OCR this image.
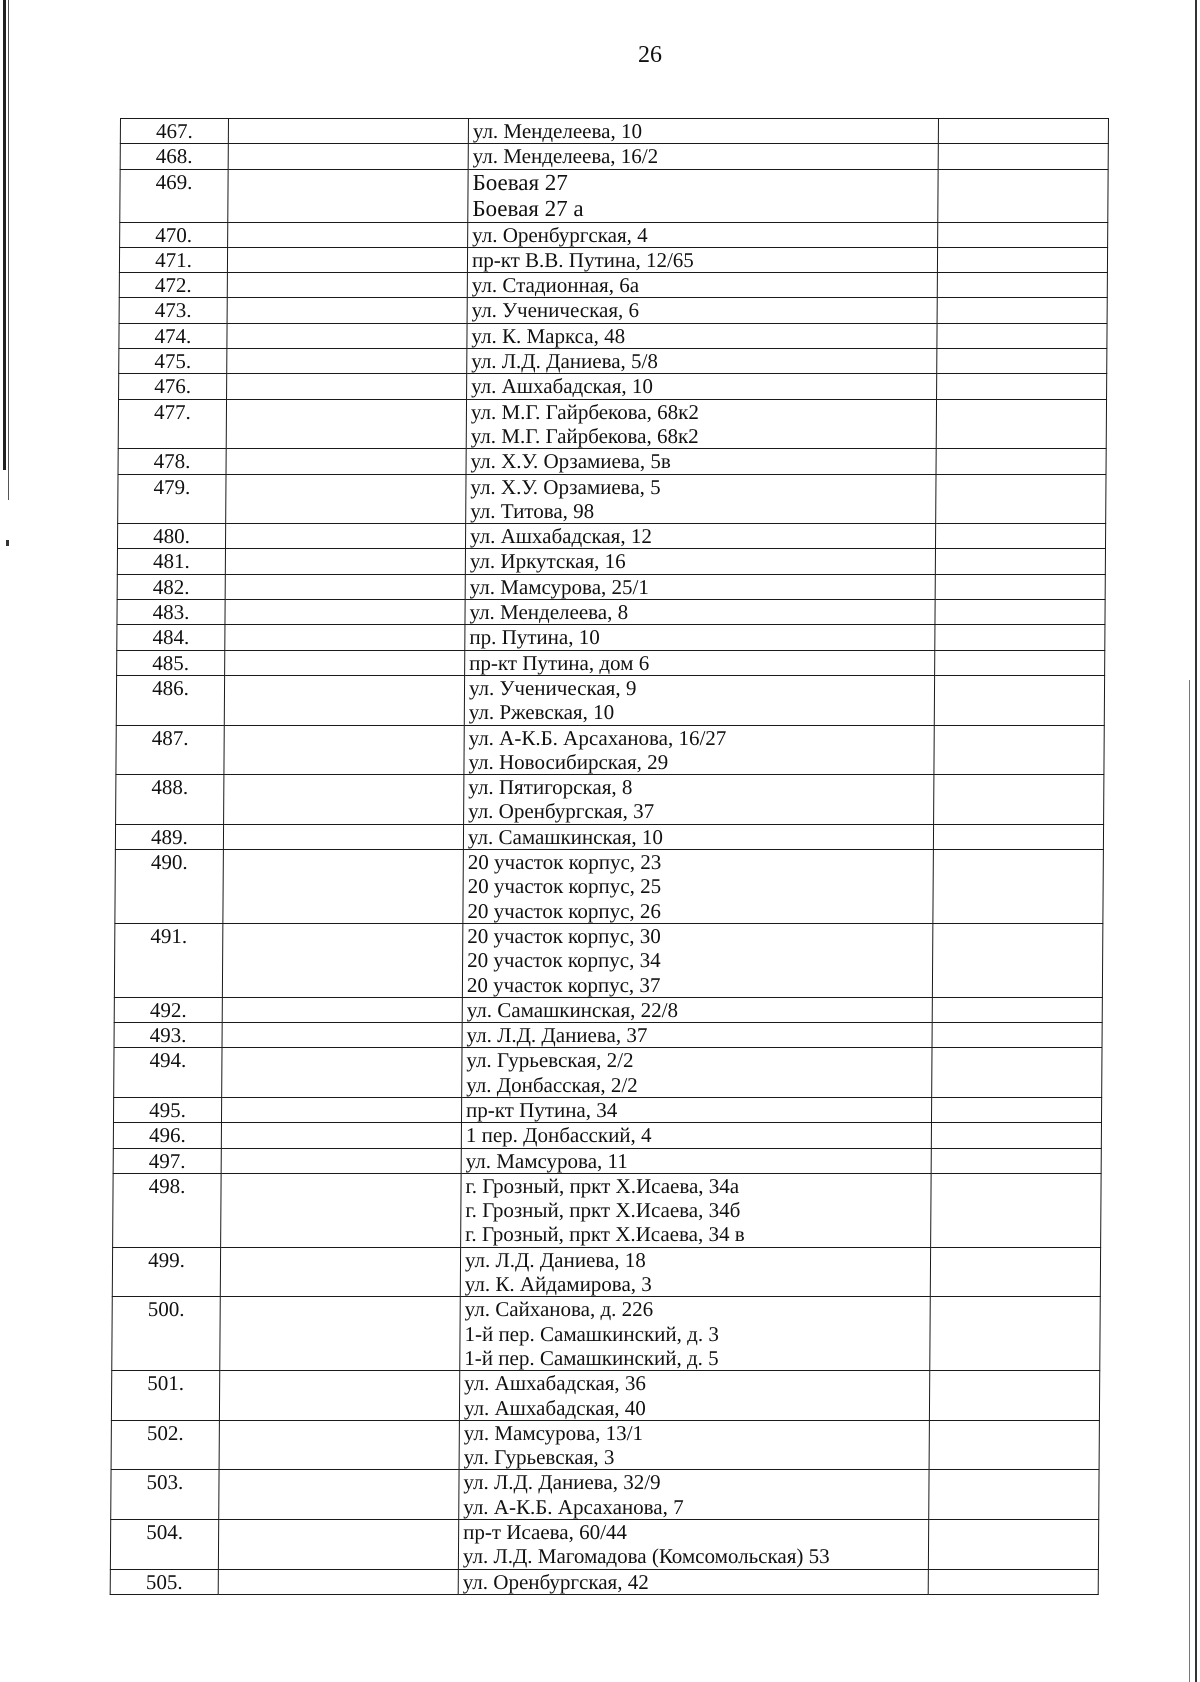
26
467.		ул. Менделеева, 10	

468.		ул. Менделеева, 16/2	

469.		Боевая 27
Боевая 27 а	

470.		ул. Оренбургская, 4	

471.		пр-кт В.В. Путина, 12/65	

472.		ул. Стадионная, 6а	

473.		ул. Ученическая, 6	

474.		ул. К. Маркса, 48	

475.		ул. Л.Д. Даниева, 5/8	

476.		ул. Ашхабадская, 10	

477.		ул. М.Г. Гайрбекова, 68к2
ул. М.Г. Гайрбекова, 68к2	

478.		ул. Х.У. Орзамиева, 5в	

479.		ул. Х.У. Орзамиева, 5
ул. Титова, 98	

480.		ул. Ашхабадская, 12	

481.		ул. Иркутская, 16	

482.		ул. Мамсурова, 25/1	

483.		ул. Менделеева, 8	

484.		пр. Путина, 10	

485.		пр-кт Путина, дом 6	

486.		ул. Ученическая, 9
ул. Ржевская, 10	

487.		ул. А-К.Б. Арсаханова, 16/27
ул. Новосибирская, 29	

488.		ул. Пятигорская, 8
ул. Оренбургская, 37	

489.		ул. Самашкинская, 10	

490.		20 участок корпус, 23
20 участок корпус, 25
20 участок корпус, 26	

491.		20 участок корпус, 30
20 участок корпус, 34
20 участок корпус, 37	

492.		ул. Самашкинская, 22/8	

493.		ул. Л.Д. Даниева, 37	

494.		ул. Гурьевская, 2/2
ул. Донбасская, 2/2	

495.		пр-кт Путина, 34	

496.		1 пер. Донбасский, 4	

497.		ул. Мамсурова, 11	

498.		г. Грозный, пркт Х.Исаева, 34а
г. Грозный, пркт Х.Исаева, 34б
г. Грозный, пркт Х.Исаева, 34 в	

499.		ул. Л.Д. Даниева, 18
ул. К. Айдамирова, 3	

500.		ул. Сайханова, д. 226
1-й пер. Самашкинский, д. 3
1-й пер. Самашкинский, д. 5	

501.		ул. Ашхабадская, 36
ул. Ашхабадская, 40	

502.		ул. Мамсурова, 13/1
ул. Гурьевская, 3	

503.		ул. Л.Д. Даниева, 32/9
ул. А-К.Б. Арсаханова, 7	

504.		пр-т Исаева, 60/44
ул. Л.Д. Магомадова (Комсомольская) 53	

505.		ул. Оренбургская, 42	
